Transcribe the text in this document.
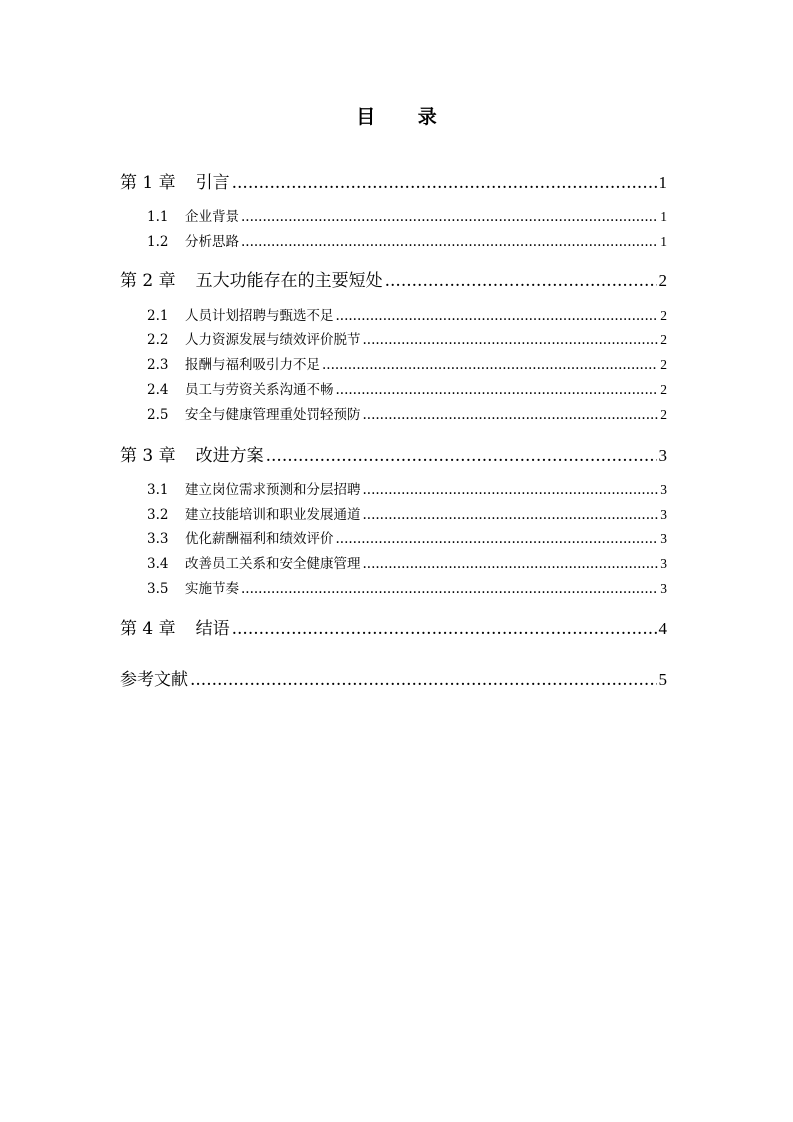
目 录
第 1 章 引言 .....	1
1.1	企业背景 .....	1
1.2	分析思路 .....	1
第 2 章 五大功能存在的主要短处 .....	2
2.1	人员计划招聘与甄选不足 .....	2
2.2	人力资源发展与绩效评价脱节 .....	2
2.3	报酬与福利吸引力不足 .....	2
2.4	员工与劳资关系沟通不畅 .....	2
2.5	安全与健康管理重处罚轻预防 .....	2
第 3 章 改进方案 .....	3
3.1	建立岗位需求预测和分层招聘 .....	3
3.2	建立技能培训和职业发展通道 .....	3
3.3	优化薪酬福利和绩效评价 .....	3
3.4	改善员工关系和安全健康管理 .....	3
3.5	实施节奏 .....	3
第 4 章 结语 .....	4
参考文献 .....	5
